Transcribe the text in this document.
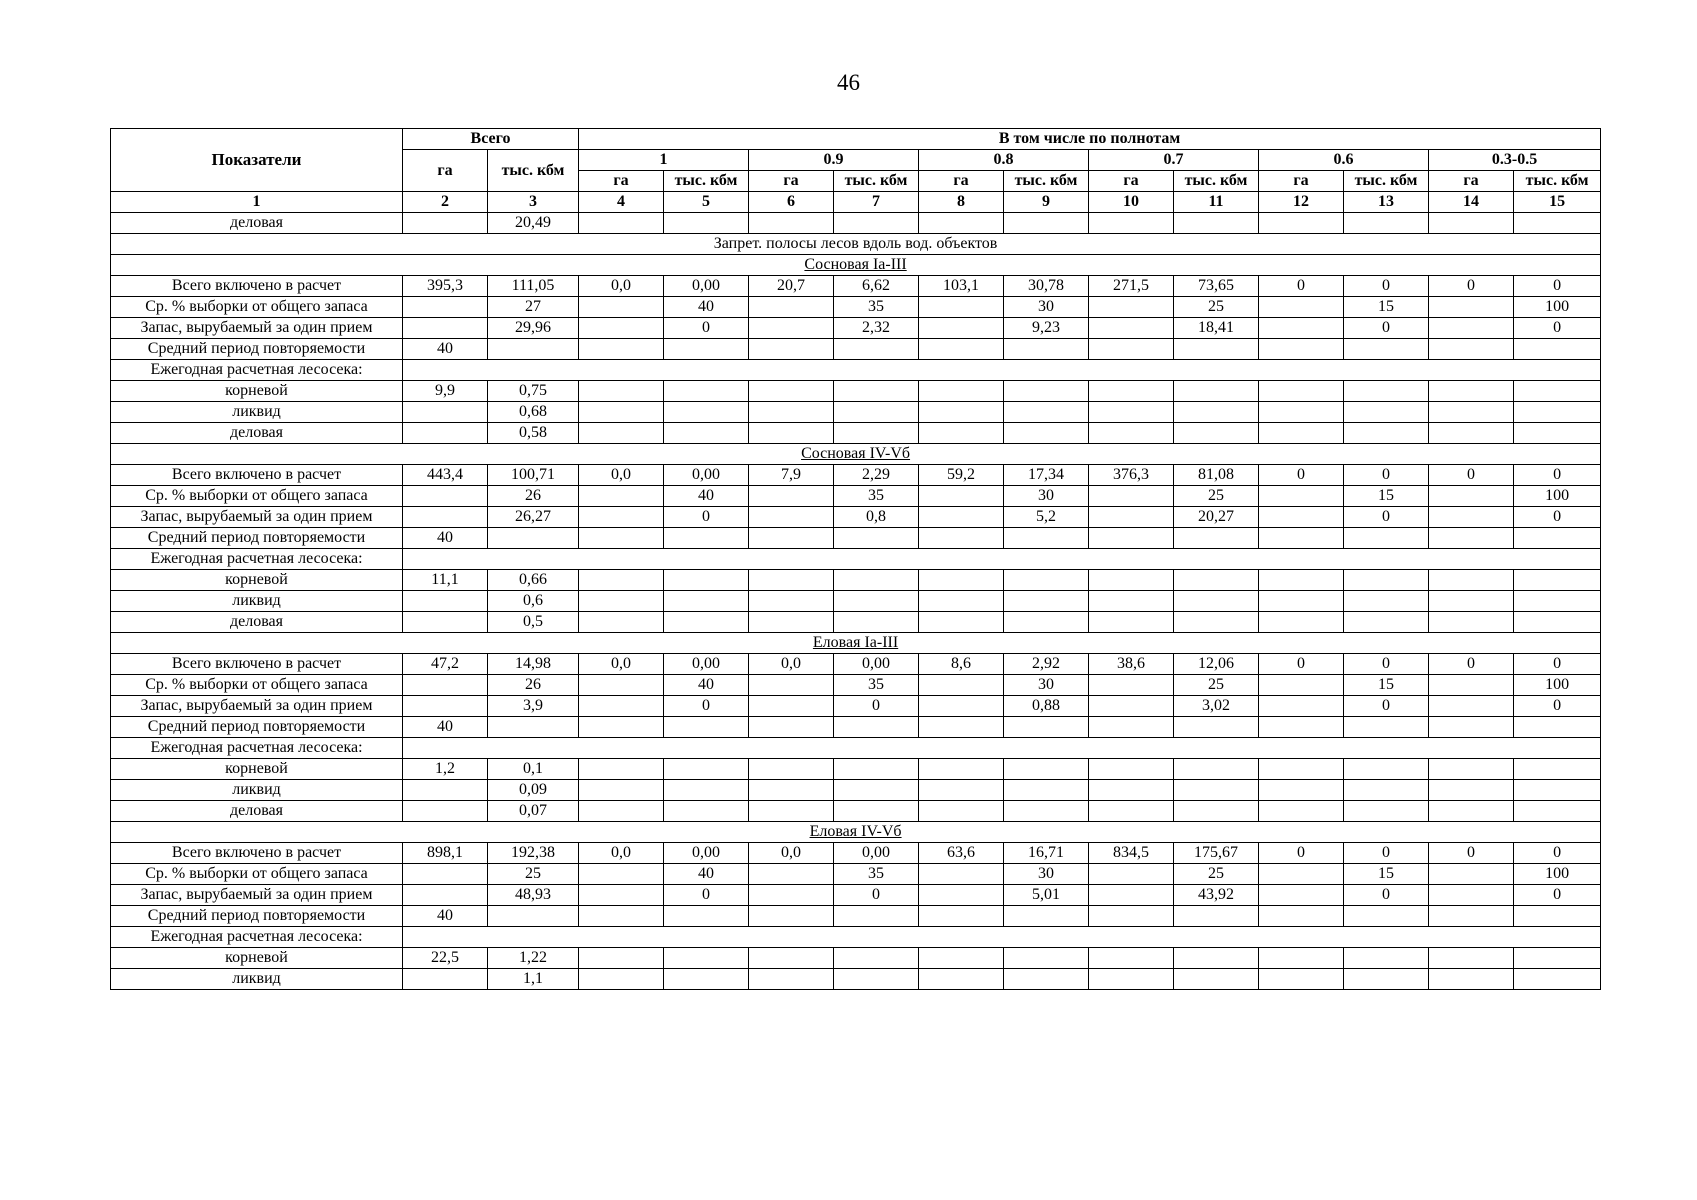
46
Показатели	Всего		В том числе по полнотам											
	га	тыс. кбм	1		0.9		0.8		0.7		0.6		0.3-0.5	
			га	тыс. кбм	га	тыс. кбм	га	тыс. кбм	га	тыс. кбм	га	тыс. кбм	га	тыс. кбм
1	2	3	4	5	6	7	8	9	10	11	12	13	14	15
деловая		20,49												
Запрет. полосы лесов вдоль вод. объектов														
Сосновая Ia-III														
Всего включено в расчет	395,3	111,05	0,0	0,00	20,7	6,62	103,1	30,78	271,5	73,65	0	0	0	0
Ср. % выборки от общего запаса		27		40		35		30		25		15		100
Запас, вырубаемый за один прием		29,96		0		2,32		9,23		18,41		0		0
Средний период повторяемости	40													
Ежегодная расчетная лесосека:														
корневой	9,9	0,75												
ликвид		0,68												
деловая		0,58												
Сосновая IV-Vб														
Всего включено в расчет	443,4	100,71	0,0	0,00	7,9	2,29	59,2	17,34	376,3	81,08	0	0	0	0
Ср. % выборки от общего запаса		26		40		35		30		25		15		100
Запас, вырубаемый за один прием		26,27		0		0,8		5,2		20,27		0		0
Средний период повторяемости	40													
Ежегодная расчетная лесосека:														
корневой	11,1	0,66												
ликвид		0,6												
деловая		0,5												
Еловая Ia-III														
Всего включено в расчет	47,2	14,98	0,0	0,00	0,0	0,00	8,6	2,92	38,6	12,06	0	0	0	0
Ср. % выборки от общего запаса		26		40		35		30		25		15		100
Запас, вырубаемый за один прием		3,9		0		0		0,88		3,02		0		0
Средний период повторяемости	40													
Ежегодная расчетная лесосека:														
корневой	1,2	0,1												
ликвид		0,09												
деловая		0,07												
Еловая IV-Vб														
Всего включено в расчет	898,1	192,38	0,0	0,00	0,0	0,00	63,6	16,71	834,5	175,67	0	0	0	0
Ср. % выборки от общего запаса		25		40		35		30		25		15		100
Запас, вырубаемый за один прием		48,93		0		0		5,01		43,92		0		0
Средний период повторяемости	40													
Ежегодная расчетная лесосека:														
корневой	22,5	1,22												
ликвид		1,1												
